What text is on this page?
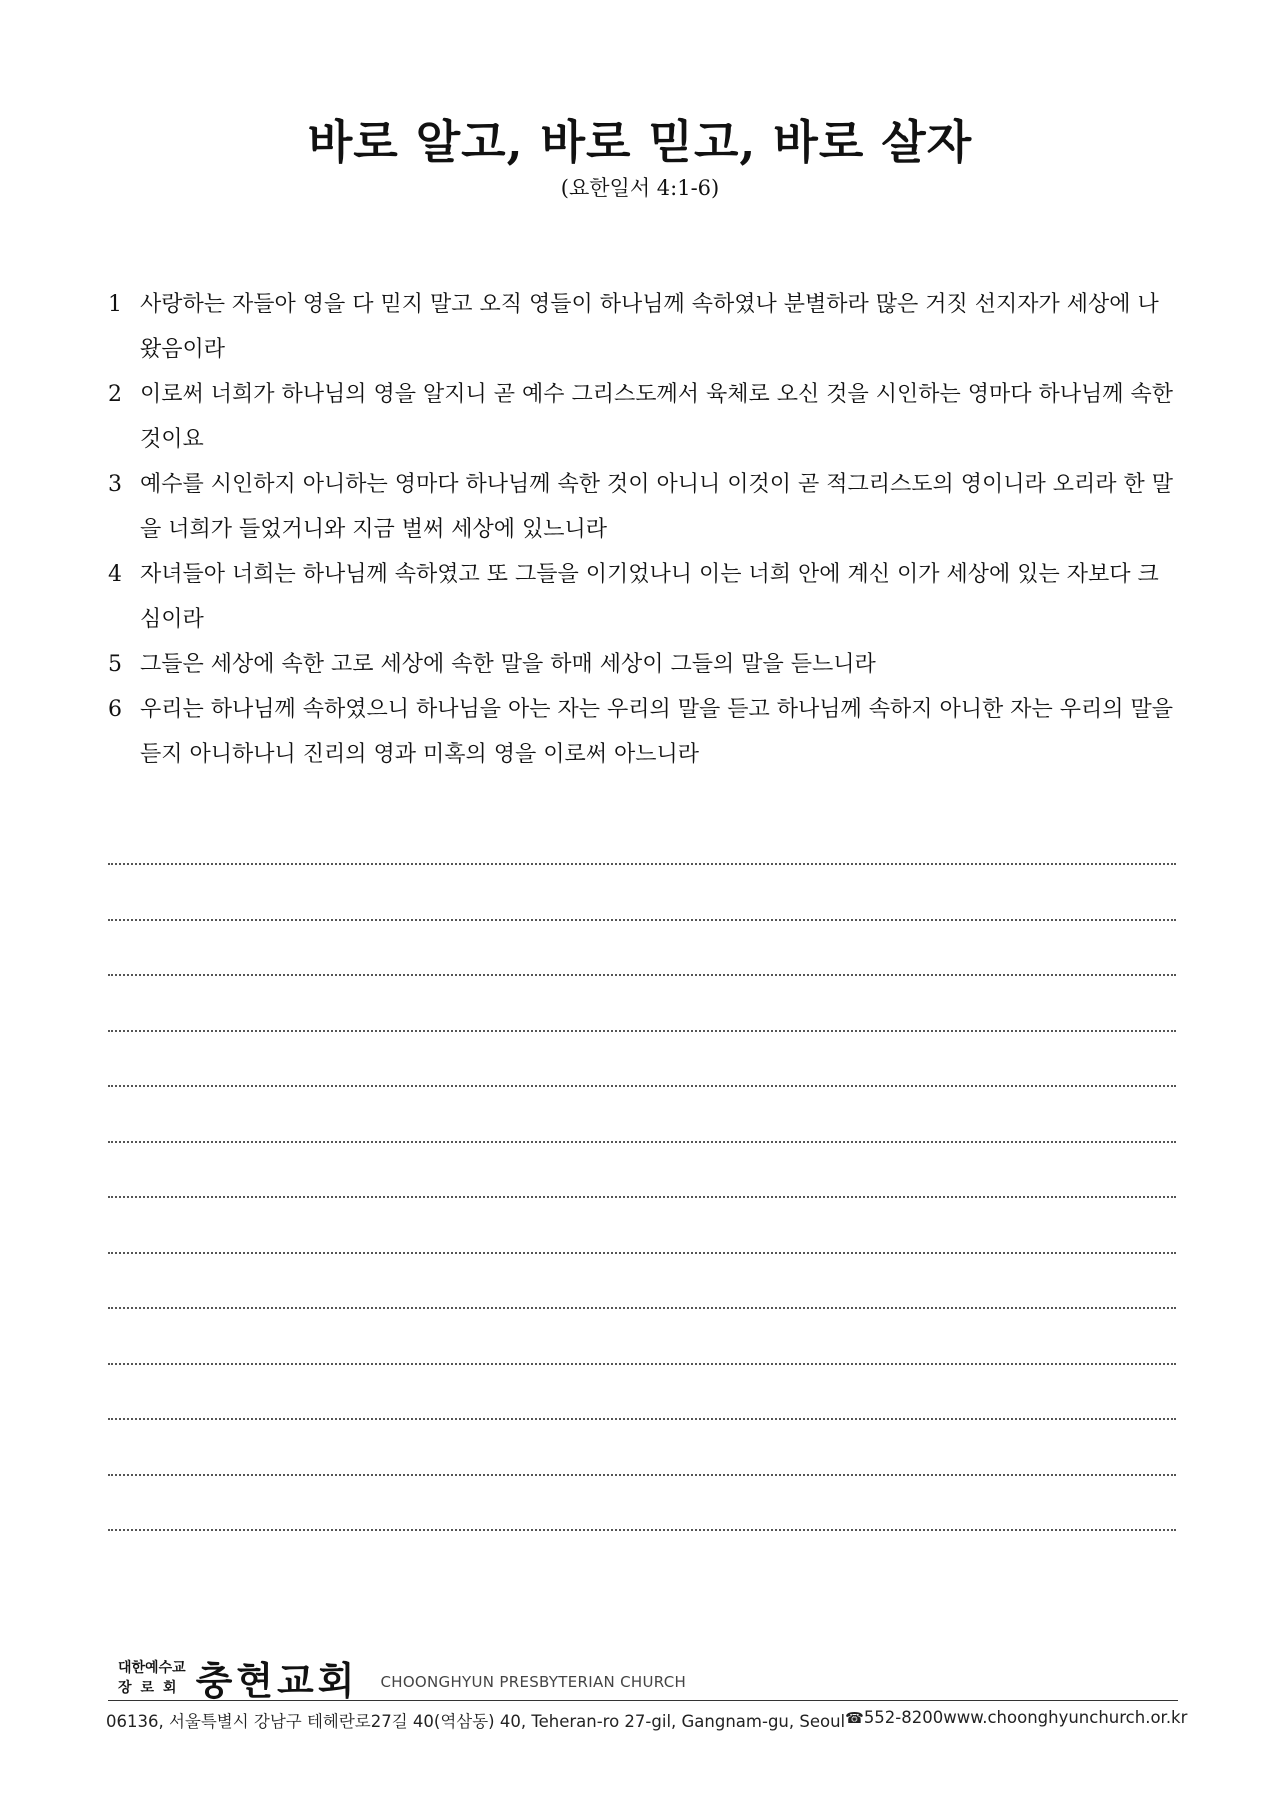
바로 알고, 바로 믿고, 바로 살자
(요한일서 4:1-6)
1 사랑하는 자들아 영을 다 믿지 말고 오직 영들이 하나님께 속하였나 분별하라 많은 거짓 선지자가 세상에 나왔음이라
2 이로써 너희가 하나님의 영을 알지니 곧 예수 그리스도께서 육체로 오신 것을 시인하는 영마다 하나님께 속한 것이요
3 예수를 시인하지 아니하는 영마다 하나님께 속한 것이 아니니 이것이 곧 적그리스도의 영이니라 오리라 한 말을 너희가 들었거니와 지금 벌써 세상에 있느니라
4 자녀들아 너희는 하나님께 속하였고 또 그들을 이기었나니 이는 너희 안에 계신 이가 세상에 있는 자보다 크심이라
5 그들은 세상에 속한 고로 세상에 속한 말을 하매 세상이 그들의 말을 듣느니라
6 우리는 하나님께 속하였으니 하나님을 아는 자는 우리의 말을 듣고 하나님께 속하지 아니한 자는 우리의 말을 듣지 아니하나니 진리의 영과 미혹의 영을 이로써 아느니라
대한예수교
장로회 충현교회 CHOONGHYUN PRESBYTERIAN CHURCH
06136, 서울특별시 강남구 테헤란로27길 40(역삼동) 40, Teheran-ro 27-gil, Gangnam-gu, Seoul ☎552-8200 www.choonghyunchurch.or.kr
